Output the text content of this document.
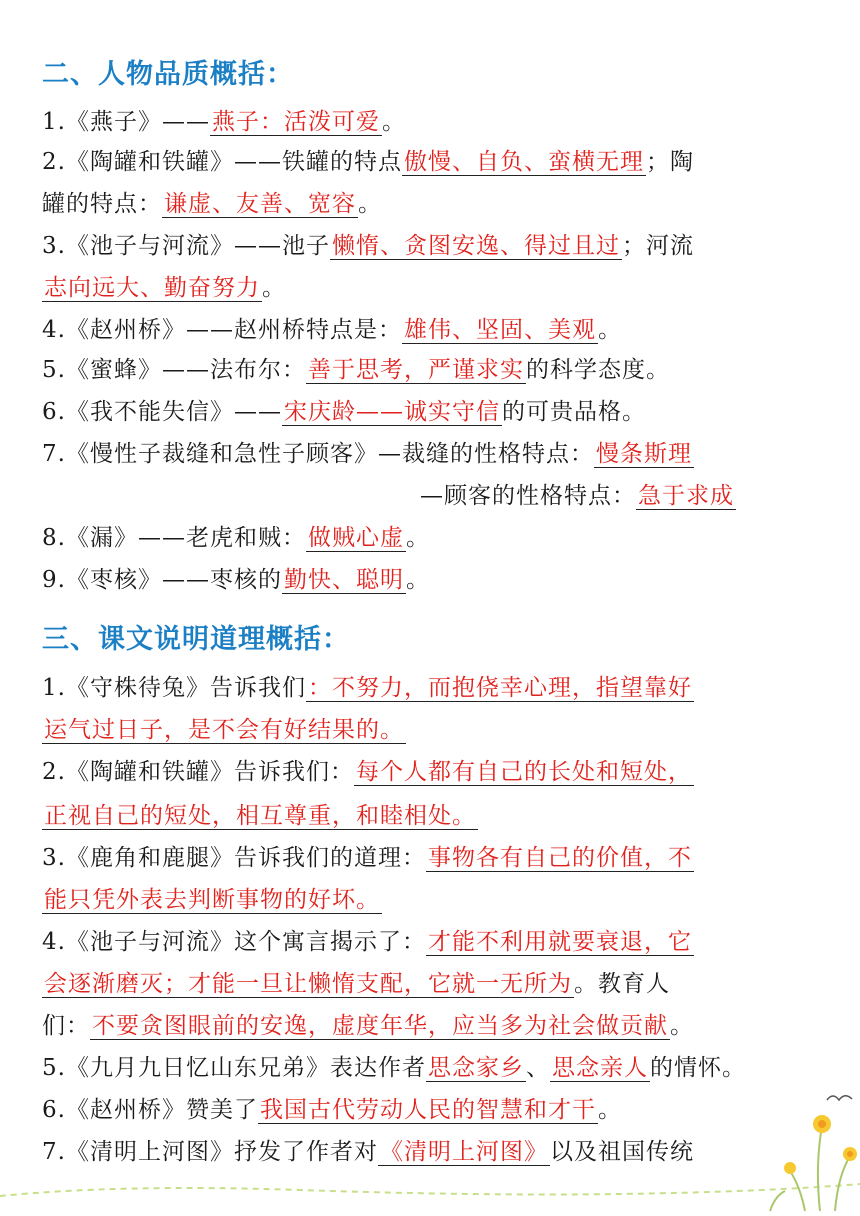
二、人物品质概括：
1.《燕子》——燕子：活泼可爱。
2.《陶罐和铁罐》——铁罐的特点傲慢、自负、蛮横无理；陶
罐的特点：谦虚、友善、宽容。
3.《池子与河流》——池子懒惰、贪图安逸、得过且过；河流
志向远大、勤奋努力。
4.《赵州桥》——赵州桥特点是：雄伟、坚固、美观。
5.《蜜蜂》——法布尔：善于思考，严谨求实的科学态度。
6.《我不能失信》——宋庆龄——诚实守信的可贵品格。
7.《慢性子裁缝和急性子顾客》—裁缝的性格特点：慢条斯理
—顾客的性格特点：急于求成
8.《漏》——老虎和贼：做贼心虚。
9.《枣核》——枣核的勤快、聪明。
三、课文说明道理概括：
1.《守株待兔》告诉我们：不努力，而抱侥幸心理，指望靠好
运气过日子，是不会有好结果的。
2.《陶罐和铁罐》告诉我们：每个人都有自己的长处和短处，
正视自己的短处，相互尊重，和睦相处。
3.《鹿角和鹿腿》告诉我们的道理：事物各有自己的价值，不
能只凭外表去判断事物的好坏。
4.《池子与河流》这个寓言揭示了：才能不利用就要衰退，它
会逐渐磨灭；才能一旦让懒惰支配，它就一无所为。教育人
们：不要贪图眼前的安逸，虚度年华，应当多为社会做贡献。
5.《九月九日忆山东兄弟》表达作者思念家乡、思念亲人的情怀。
6.《赵州桥》赞美了我国古代劳动人民的智慧和才干。
7.《清明上河图》抒发了作者对《清明上河图》以及祖国传统
